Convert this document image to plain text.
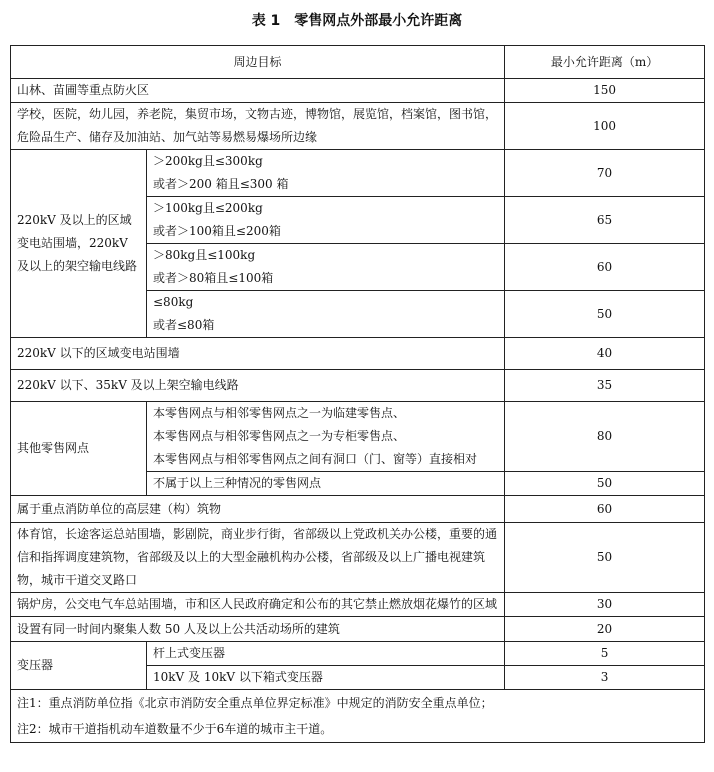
表 1　零售网点外部最小允许距离
周边目标		最小允许距离（m）
山林、苗圃等重点防火区		150
学校，医院，幼儿园，养老院，集贸市场，文物古迹，博物馆，展览馆，档案馆，图书馆，危险品生产、储存及加油站、加气站等易燃易爆场所边缘		100
220kV 及以上的区域变电站围墙，220kV 及以上的架空输电线路	＞200kg且≤300kg
或者＞200 箱且≤300 箱	70

	＞100kg且≤200kg
或者＞100箱且≤200箱	65

	＞80kg且≤100kg
或者＞80箱且≤100箱	60

	≤80kg
或者≤80箱	50
220kV 以下的区域变电站围墙		40
220kV 以下、35kV 及以上架空输电线路		35
其他零售网点	本零售网点与相邻零售网点之一为临建零售点、
本零售网点与相邻零售网点之一为专柜零售点、
本零售网点与相邻零售网点之间有洞口（门、窗等）直接相对	80
	不属于以上三种情况的零售网点	50
属于重点消防单位的高层建（构）筑物		60
体育馆，长途客运总站围墙，影剧院，商业步行街，省部级以上党政机关办公楼，重要的通信和指挥调度建筑物，省部级及以上的大型金融机构办公楼，省部级及以上广播电视建筑物，城市干道交叉路口		50
锅炉房，公交电气车总站围墙，市和区人民政府确定和公布的其它禁止燃放烟花爆竹的区域		30
设置有同一时间内聚集人数 50 人及以上公共活动场所的建筑		20
变压器	杆上式变压器	5
	10kV 及 10kV 以下箱式变压器	3

注1：重点消防单位指《北京市消防安全重点单位界定标准》中规定的消防安全重点单位；
注2：城市干道指机动车道数量不少于6车道的城市主干道。		
